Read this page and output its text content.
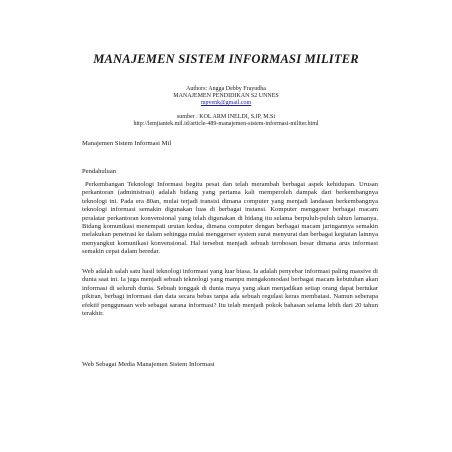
MANAJEMEN SISTEM INFORMASI MILITER
Authors: Angga Debby Frayudha
MANAJEMEN PENDIDIKAN S2 UNNES
mpvenk@gmail.com
sumber : KOL ARM INELDI, S.IP, M.Si
http://lemjiantek.mil.id/article-489-manajemen-sistem-informasi-militer.html
Manajemen Sistem Informasi Mil
Pendahuluan

Perkembangan Teknologi Informasi begitu pesat dan telah merambah berbagai aspek kehidupan. Urusan perkantoran (administrasi) adalah bidang yang pertama kali memperoleh dampak dari berkembangnya teknologi ini. Pada era 80an, mulai terjadi transisi dimana computer yang menjadi landasan berkembangnya teknologi informasi semakin digunakan luas di berbagai instansi. Komputer menggeser berbagai macam peralatar perkantoran konvensional yang telah digunakan di bidang itu selama berpuluh-puluh tahun lamanya. Bidang komunikasi menempati urutan kedua, dimana computer dengan berbagai macam jaringannya semakin melakukan penetrasi ke dalam sehingga mulai menggerser system surat menyurat dan berbagai kegiatan lainnya menyangkut komunikasi konvensional. Hal tersebut menjadi sebuah terobosan besar dimana arus informasi semakin cepat dalam beredar.

Web adalah salah satu hasil teknologi informasi yang luar biasa. Ia adalah penyebar informasi paling massive di dunia saat ini. Ia juga menjadi sebuah teknologi yang mampu mengakomodasi berbagai macam kebutuhan akan informasi di seluruh dunia. Sebuah tonggak di dunia maya yang akan menjadikan setiap orang dapat bertukar pikiran, berbagi informasi dan data secara bebas tanpa ada sebuah regulasi keras membatasi. Namun seberapa efektif penggunaan web sebagai sarana informasi? Itu telah menjadi pokok bahasan selama lebih dari 20 tahun terakhir.

Web Sebagai Media Manajemen Sistem Informasi
